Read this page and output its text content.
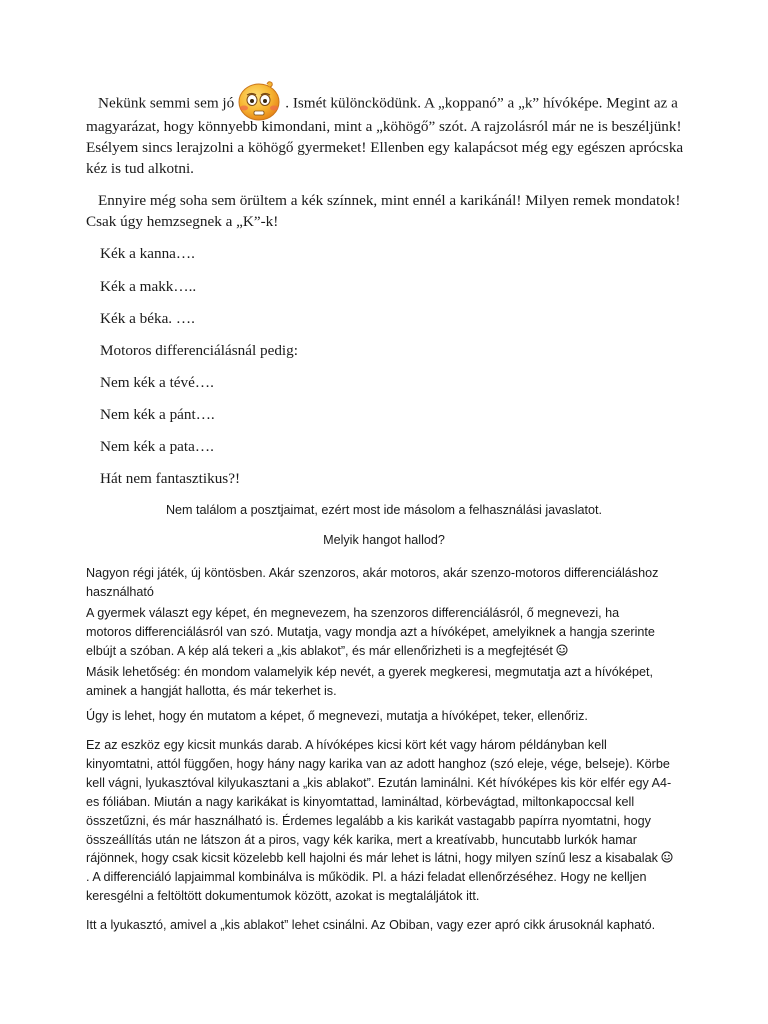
Nekünk semmi sem jó	. Ismét különcködünk. A „koppanó” a „k” hívóképe. Megint az a magyarázat, hogy könnyebb kimondani, mint a „köhögő” szót. A rajzolásról már ne is beszéljünk! Esélyem sincs lerajzolni a köhögő gyermeket! Ellenben egy kalapácsot még egy egészen aprócska kéz is tud alkotni.

Ennyire még soha sem örültem a kék színnek, mint ennél a karikánál! Milyen remek mondatok! Csak úgy hemzsegnek a „K”-k!

Kék a kanna….

Kék a makk…..

Kék a béka. ….

Motoros differenciálásnál pedig:

Nem kék a tévé….

Nem kék a pánt….

Nem kék a pata….

Hát nem fantasztikus?!

Nem találom a posztjaimat, ezért most ide másolom a felhasználási javaslatot.

Melyik hangot hallod?

Nagyon régi játék, új köntösben. Akár szenzoros, akár motoros, akár szenzo-motoros differenciáláshoz használható

A gyermek választ egy képet, én megnevezem, ha szenzoros differenciálásról, ő megnevezi, ha motoros differenciálásról van szó. Mutatja, vagy mondja azt a hívóképet, amelyiknek a hangja szerinte elbújt a szóban. A kép alá tekeri a „kis ablakot”, és már ellenőrizheti is a megfejtését

Másik lehetőség: én mondom valamelyik kép nevét, a gyerek megkeresi, megmutatja azt a hívóképet, aminek a hangját hallotta, és már tekerhet is.

Úgy is lehet, hogy én mutatom a képet, ő megnevezi, mutatja a hívóképet, teker, ellenőriz.

Ez az eszköz egy kicsit munkás darab. A hívóképes kicsi kört két vagy három példányban kell kinyomtatni, attól függően, hogy hány nagy karika van az adott hanghoz (szó eleje, vége, belseje). Körbe kell vágni, lyukasztóval kilyukasztani a „kis ablakot”. Ezután laminálni. Két hívóképes kis kör elfér egy A4-es fóliában. Miután a nagy karikákat is kinyomtattad, lamináltad, körbevágtad, miltonkapoccsal kell összetűzni, és már használható is. Érdemes legalább a kis karikát vastagabb papírra nyomtatni, hogy összeállítás után ne látszon át a piros, vagy kék karika, mert a kreatívabb, huncutabb lurkók hamar rájönnek, hogy csak kicsit közelebb kell hajolni és már lehet is látni, hogy milyen színű lesz a kisabalak . A differenciáló lapjaimmal kombinálva is működik. Pl. a házi feladat ellenőrzéséhez. Hogy ne kelljen keresgélni a feltöltött dokumentumok között, azokat is megtaláljátok itt.

Itt a lyukasztó, amivel a „kis ablakot” lehet csinálni. Az Obiban, vagy ezer apró cikk árusoknál kapható.
